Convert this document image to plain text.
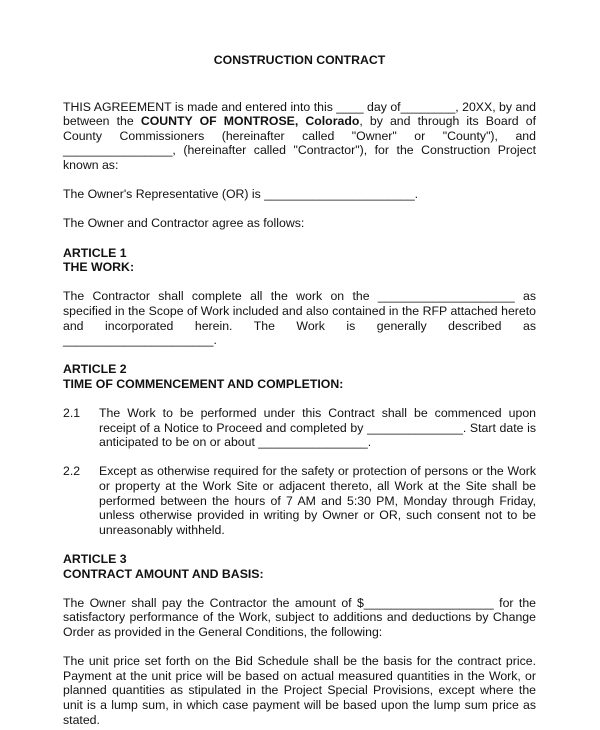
CONSTRUCTION CONTRACT

THIS AGREEMENT is made and entered into this ____ day of________, 20XX, by and between the COUNTY OF MONTROSE, Colorado, by and through its Board of County Commissioners (hereinafter called "Owner" or "County"), and ________________, (hereinafter called "Contractor"), for the Construction Project known as:

The Owner's Representative (OR) is ______________________.

The Owner and Contractor agree as follows:

ARTICLE 1

THE WORK:

The Contractor shall complete all the work on the ____________________ as specified in the Scope of Work included and also contained in the RFP attached hereto and incorporated herein. The Work is generally described as ______________________.

ARTICLE 2

TIME OF COMMENCEMENT AND COMPLETION:

2.1	The Work to be performed under this Contract shall be commenced upon receipt of a Notice to Proceed and completed by ______________. Start date is anticipated to be on or about ________________.
2.2	Except as otherwise required for the safety or protection of persons or the Work or property at the Work Site or adjacent thereto, all Work at the Site shall be performed between the hours of 7 AM and 5:30 PM, Monday through Friday, unless otherwise provided in writing by Owner or OR, such consent not to be unreasonably withheld.

ARTICLE 3

CONTRACT AMOUNT AND BASIS:

The Owner shall pay the Contractor the amount of $___________________ for the satisfactory performance of the Work, subject to additions and deductions by Change Order as provided in the General Conditions, the following:

The unit price set forth on the Bid Schedule shall be the basis for the contract price. Payment at the unit price will be based on actual measured quantities in the Work, or planned quantities as stipulated in the Project Special Provisions, except where the unit is a lump sum, in which case payment will be based upon the lump sum price as stated.
